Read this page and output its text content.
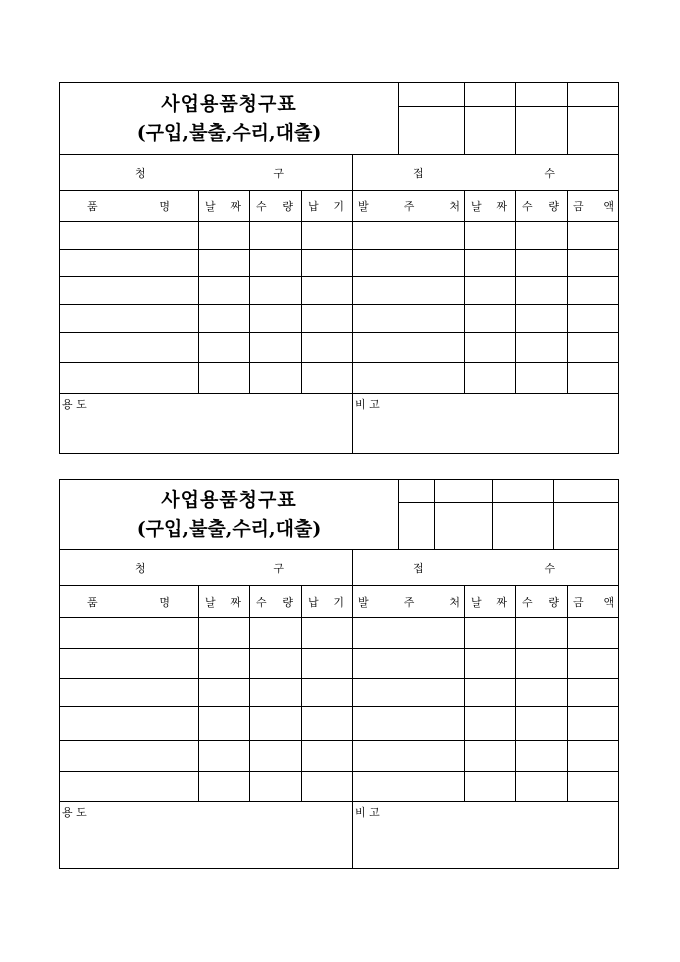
사업용품청구표
(구입,불출,수리,대출)								

청 구				접 수				

품 명	날 짜	수 량	납 기	발 주 처		날 짜	수 량	금 액

용 도				비 고				
사업용품청구표
(구입,불출,수리,대출)				

청 구				접 수			

품 명	날 짜	수 량	납 기	발 주 처	날 짜	수 량	금 액

용 도				비 고			
